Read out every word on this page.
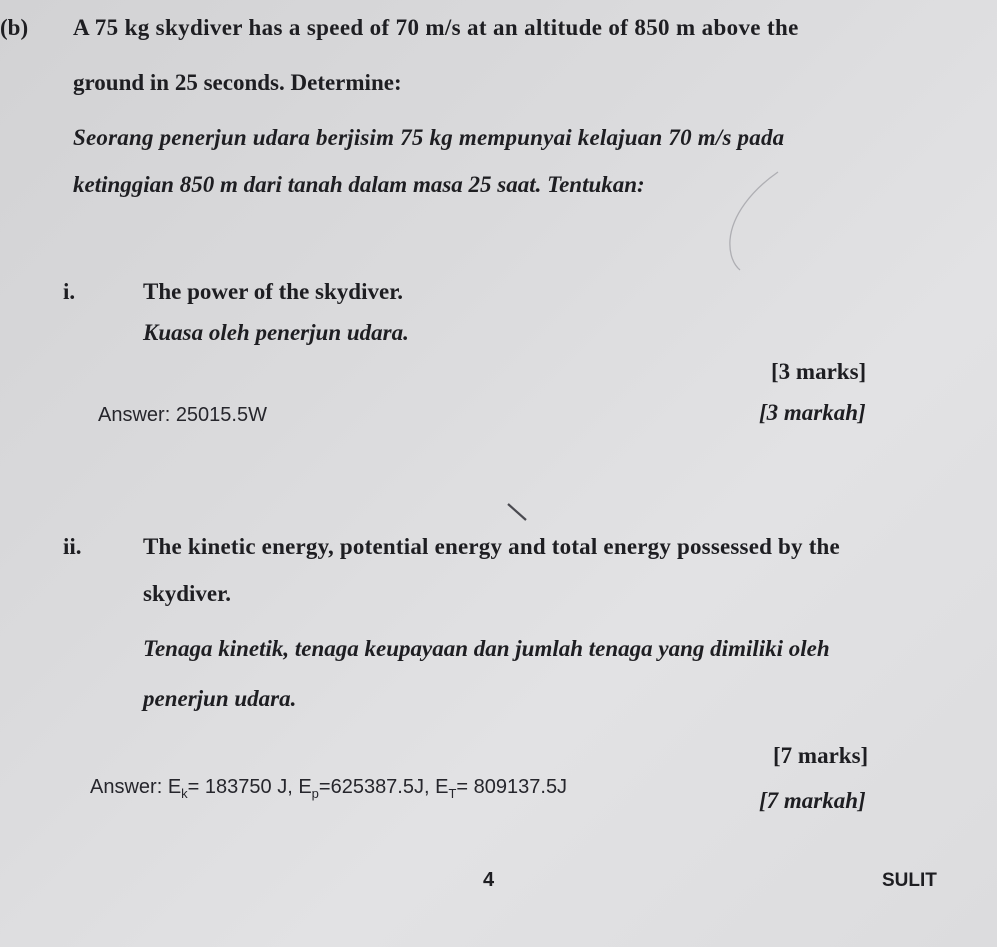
(b) A 75 kg skydiver has a speed of 70 m/s at an altitude of 850 m above the
ground in 25 seconds. Determine:
Seorang penerjun udara berjisim 75 kg mempunyai kelajuan 70 m/s pada
ketinggian 850 m dari tanah dalam masa 25 saat. Tentukan:
i.	The power of the skydiver.
Kuasa oleh penerjun udara.
[3 marks]
[3 markah]
Answer: 25015.5W
ii.	The kinetic energy, potential energy and total energy possessed by the
skydiver.
Tenaga kinetik, tenaga keupayaan dan jumlah tenaga yang dimiliki oleh
penerjun udara.
[7 marks]
[7 markah]
Answer: $E_k= 183750$ J, $E_p=625387.5J$, $E_T= 809137.5J$
4	SULIT
